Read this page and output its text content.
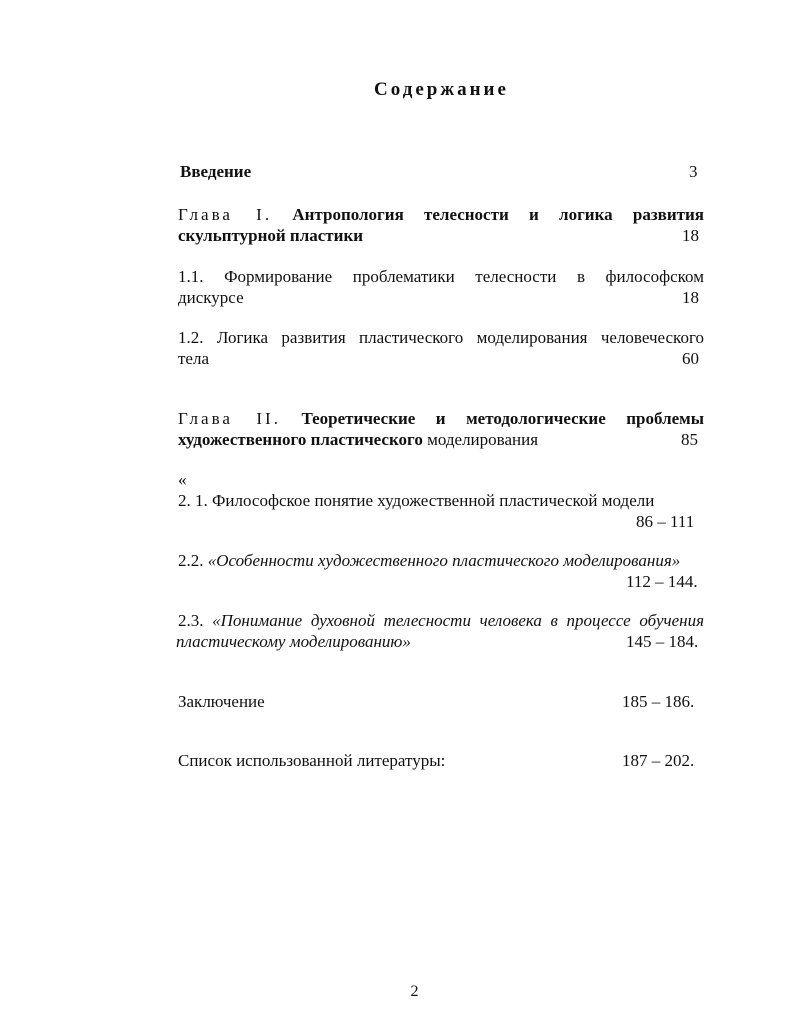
Содержание
Введение	3
Глава I. Антропология телесности и логика развития
скульптурной пластики	18
1.1. Формирование проблематики телесности в философском
дискурсе	18
1.2. Логика развития пластического моделирования человеческого
тела	60
Глава II. Теоретические и методологические проблемы
художественного пластического моделирования	85
«
2. 1. Философское понятие художественной пластической модели
86 – 111
2.2. «Особенности художественного пластического моделирования»
112 – 144.
2.3. «Понимание духовной телесности человека в процессе обучения
пластическому моделированию»	145 – 184.
Заключение	185 – 186.
Список использованной литературы:	187 – 202.
2
